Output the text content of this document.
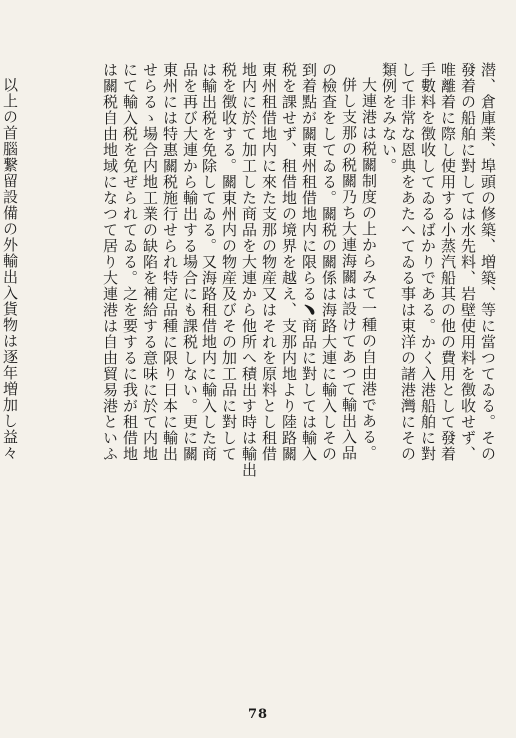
潜、倉庫業、埠頭の修築、増築、等に當つてゐる。その
發着の船舶に對しては水先料、岩壁使用料を徴收せず、
唯離着に際し使用する小蒸汽船其の他の費用として發着
手數料を徴收してゐるばかりである。かく入港船舶に對
して非常な恩典をあたへてゐる事は東洋の諸港灣にその
類例をみない。
大連港は税關制度の上からみて一種の自由港である。
併し支那の税關乃ち大連海關は設けてあつて輸出入品
の檢査をしてゐる。關税の關係は海路大連に輸入しその
到着點が關東州租借地内に限らる﹅商品に對しては輸入
税を課せず、租借地の境界を越え、支那内地より陸路關
東州租借地内に來た支那の物産又はそれを原料とし租借
地内に於て加工した商品を大連から他所へ積出す時は輸出
税を徴收する。關東州内の物産及びその加工品に對して
は輸出税を免除してゐる。又海路租借地内に輸入した商
品を再び大連から輸出する場合にも課税しない。更に關
東州には特惠關税施行せられ特定品種に限り日本に輸出
せらるゝ場合内地工業の缺陷を補給する意味に於て内地
にて輸入税を免ぜられてゐる。之を要するに我が租借地
は關税自由地域になつて居り大連港は自由貿易港といふ
以上の首腦繋留設備の外輸出入貨物は逐年増加し益々
78
